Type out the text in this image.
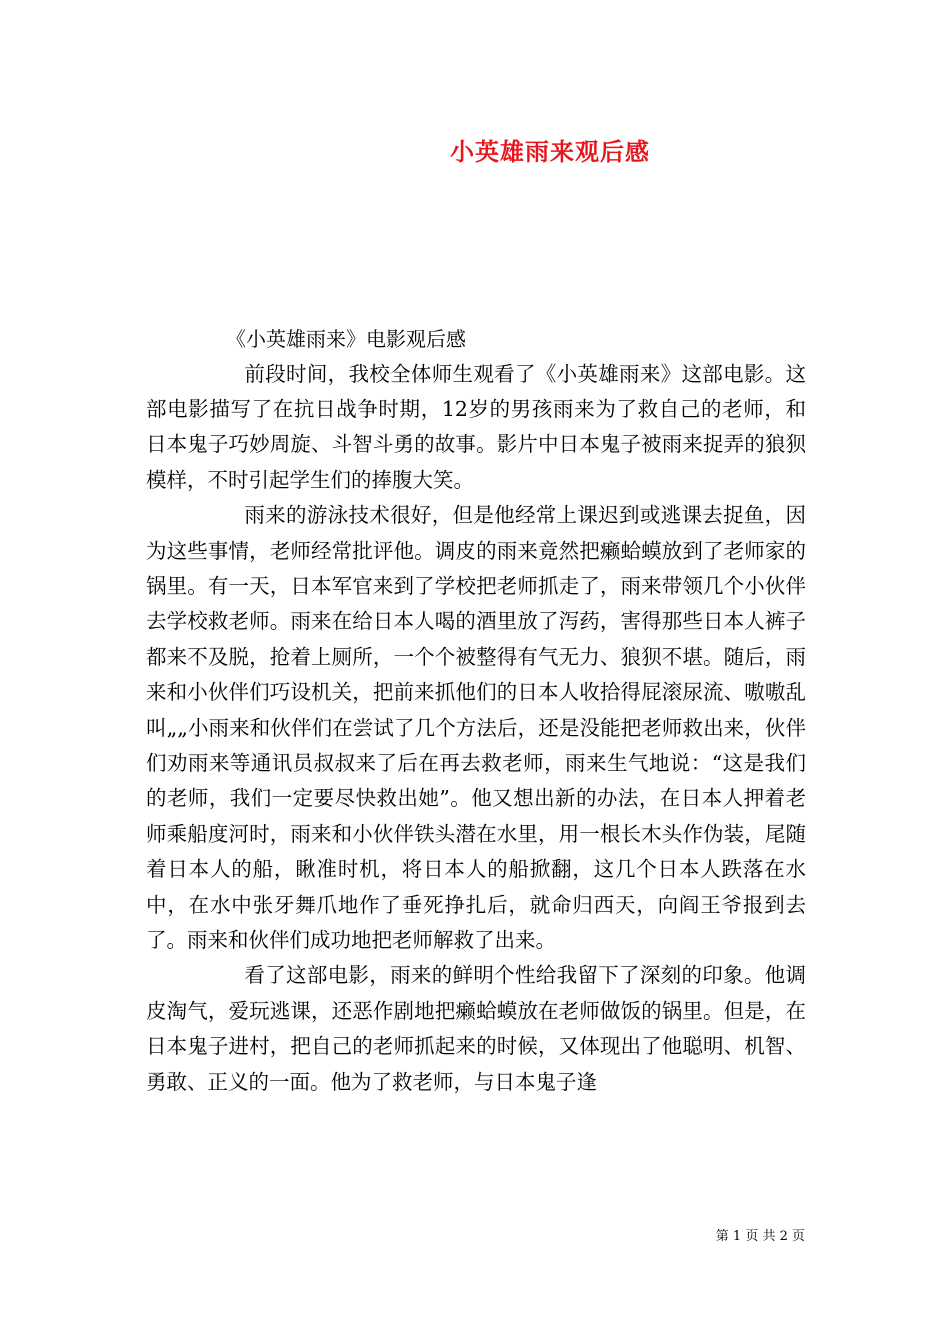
小英雄雨来观后感
《小英雄雨来》电影观后感

前段时间，我校全体师生观看了《小英雄雨来》这部电影。这部电影描写了在抗日战争时期，12岁的男孩雨来为了救自己的老师，和日本鬼子巧妙周旋、斗智斗勇的故事。影片中日本鬼子被雨来捉弄的狼狈模样，不时引起学生们的捧腹大笑。

雨来的游泳技术很好，但是他经常上课迟到或逃课去捉鱼，因为这些事情，老师经常批评他。调皮的雨来竟然把癞蛤蟆放到了老师家的锅里。有一天，日本军官来到了学校把老师抓走了，雨来带领几个小伙伴去学校救老师。雨来在给日本人喝的酒里放了泻药，害得那些日本人裤子都来不及脱，抢着上厕所，一个个被整得有气无力、狼狈不堪。随后，雨来和小伙伴们巧设机关，把前来抓他们的日本人收拾得屁滚尿流、嗷嗷乱叫„„小雨来和伙伴们在尝试了几个方法后，还是没能把老师救出来，伙伴们劝雨来等通讯员叔叔来了后在再去救老师，雨来生气地说：“这是我们的老师，我们一定要尽快救出她”。他又想出新的办法，在日本人押着老师乘船度河时，雨来和小伙伴铁头潜在水里，用一根长木头作伪装，尾随着日本人的船，瞅准时机，将日本人的船掀翻，这几个日本人跌落在水中，在水中张牙舞爪地作了垂死挣扎后，就命归西天，向阎王爷报到去了。雨来和伙伴们成功地把老师解救了出来。

看了这部电影，雨来的鲜明个性给我留下了深刻的印象。他调皮淘气，爱玩逃课，还恶作剧地把癞蛤蟆放在老师做饭的锅里。但是，在日本鬼子进村，把自己的老师抓起来的时候，又体现出了他聪明、机智、勇敢、正义的一面。他为了救老师，与日本鬼子逢

第 1 页 共 2 页
